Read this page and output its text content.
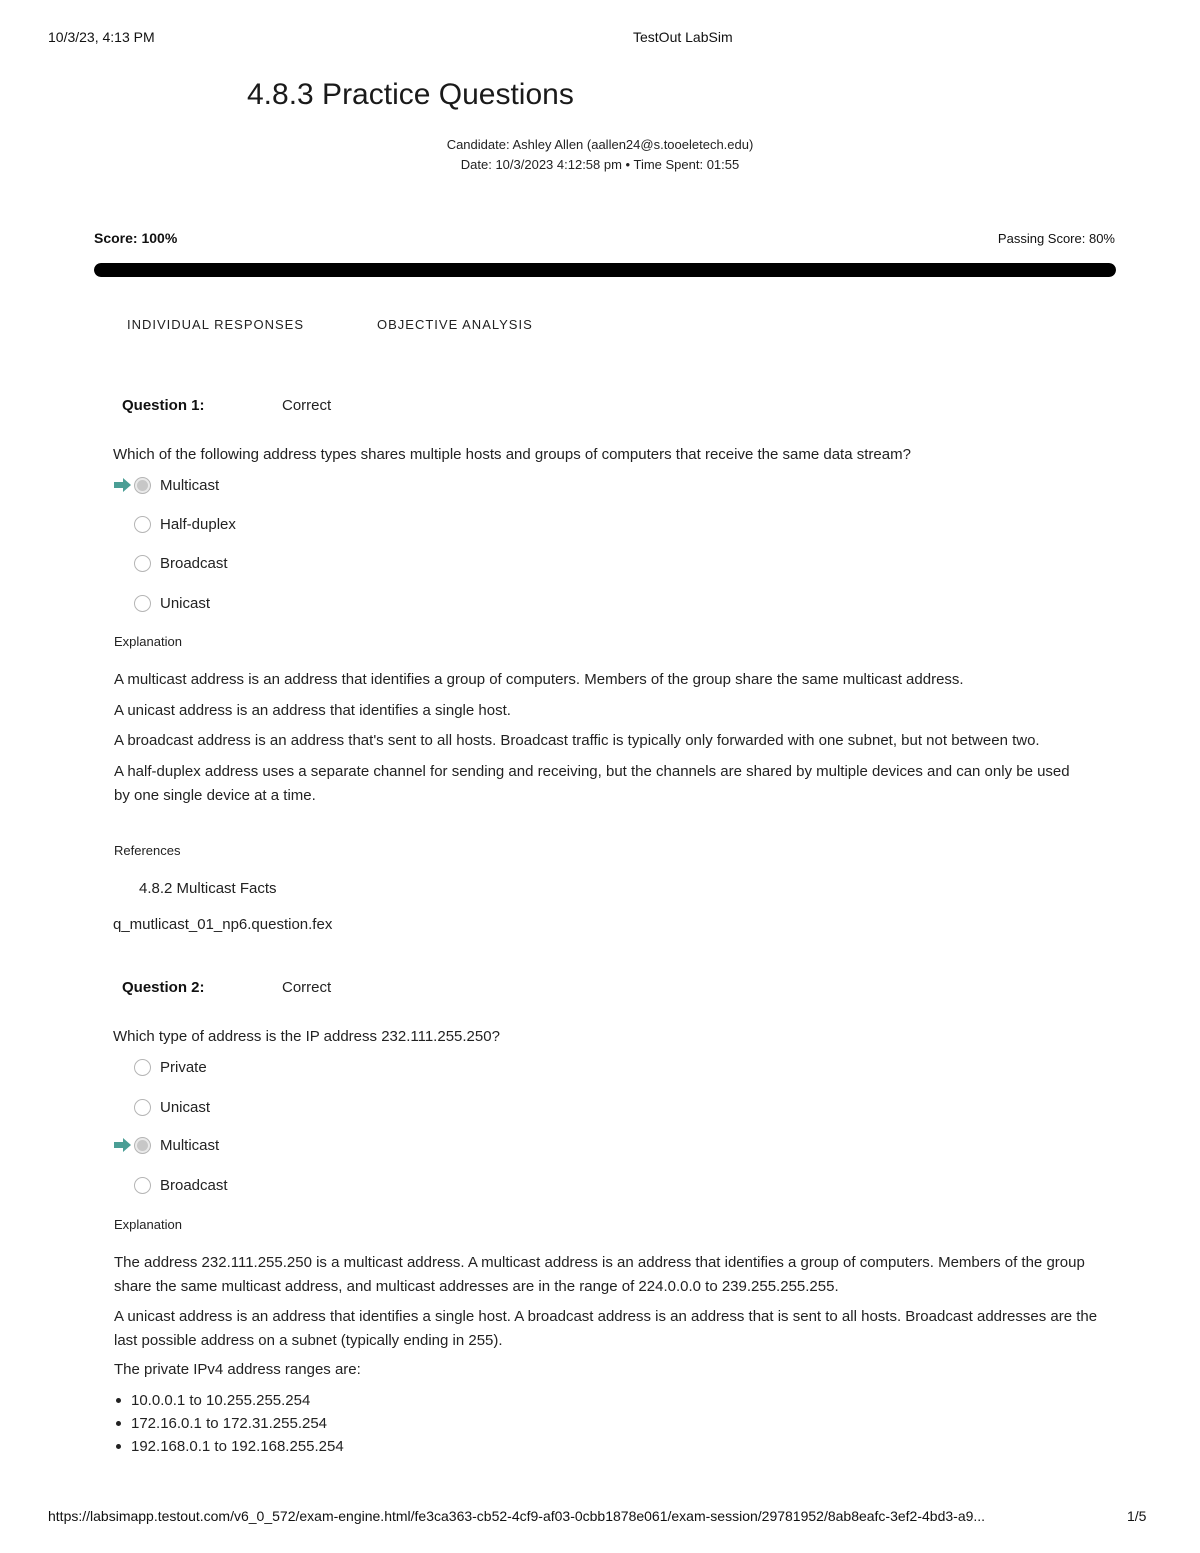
10/3/23, 4:13 PM	TestOut LabSim
4.8.3 Practice Questions
Candidate: Ashley Allen (aallen24@s.tooeletech.edu)
Date: 10/3/2023 4:12:58 pm • Time Spent: 01:55
Score: 100%	Passing Score: 80%
INDIVIDUAL RESPONSES	OBJECTIVE ANALYSIS
Question 1:	Correct
Which of the following address types shares multiple hosts and groups of computers that receive the same data stream?
Multicast
Half-duplex
Broadcast
Unicast
Explanation
A multicast address is an address that identifies a group of computers. Members of the group share the same multicast address.
A unicast address is an address that identifies a single host.
A broadcast address is an address that's sent to all hosts. Broadcast traffic is typically only forwarded with one subnet, but not between two.
A half-duplex address uses a separate channel for sending and receiving, but the channels are shared by multiple devices and can only be used by one single device at a time.
References
4.8.2 Multicast Facts
q_mutlicast_01_np6.question.fex
Question 2:	Correct
Which type of address is the IP address 232.111.255.250?
Private
Unicast
Multicast
Broadcast
Explanation
The address 232.111.255.250 is a multicast address. A multicast address is an address that identifies a group of computers. Members of the group share the same multicast address, and multicast addresses are in the range of 224.0.0.0 to 239.255.255.255.
A unicast address is an address that identifies a single host. A broadcast address is an address that is sent to all hosts. Broadcast addresses are the last possible address on a subnet (typically ending in 255).
The private IPv4 address ranges are:
10.0.0.1 to 10.255.255.254
172.16.0.1 to 172.31.255.254
192.168.0.1 to 192.168.255.254
https://labsimapp.testout.com/v6_0_572/exam-engine.html/fe3ca363-cb52-4cf9-af03-0cbb1878e061/exam-session/29781952/8ab8eafc-3ef2-4bd3-a9...	1/5
